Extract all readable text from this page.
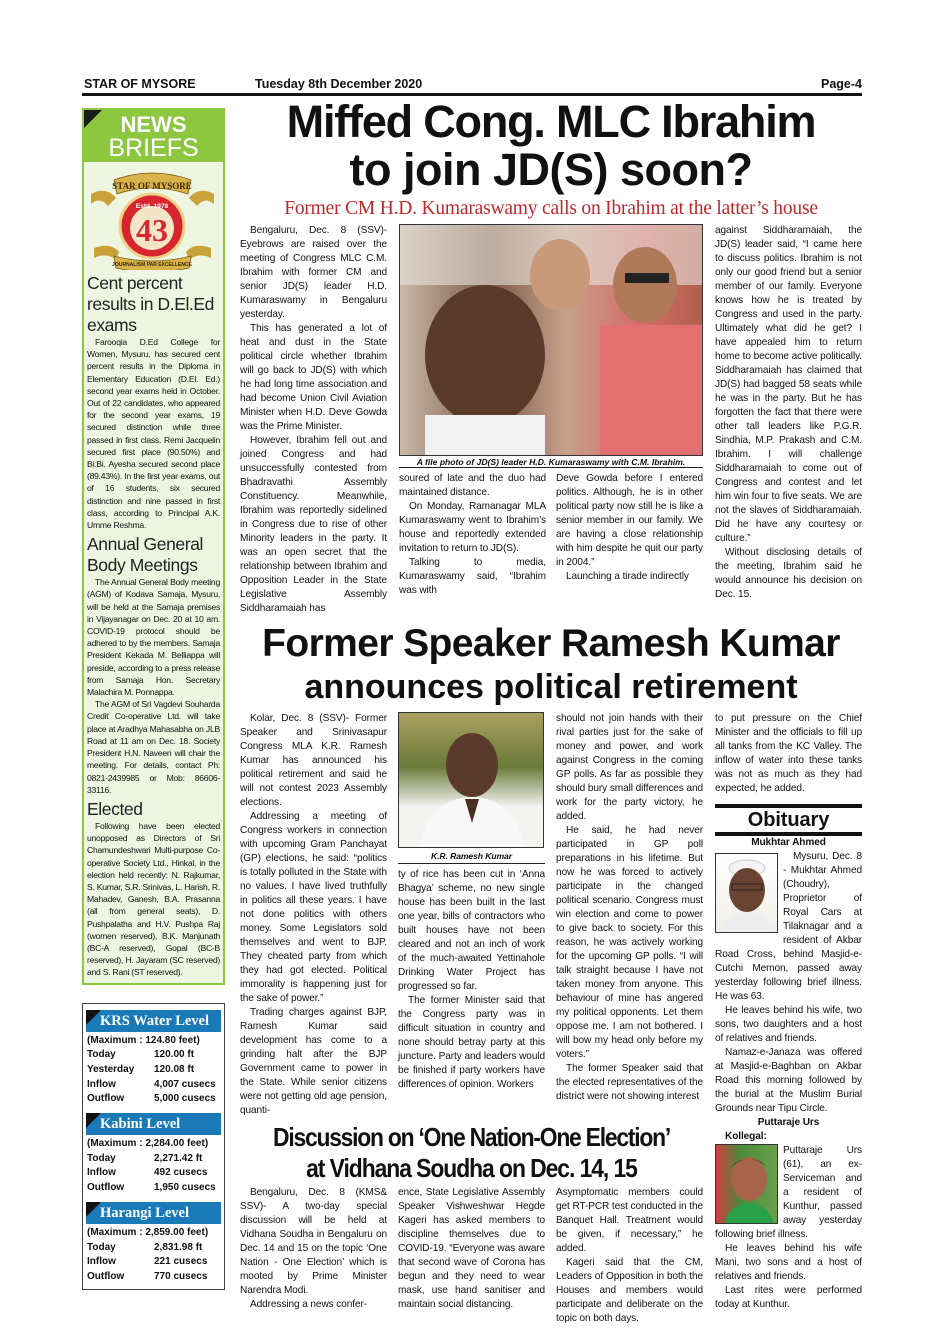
STAR OF MYSORE	Tuesday 8th December 2020	Page-4
NEWS
BRIEFS
Estd. 1978
43
STAR OF MYSORE
JOURNALISM PAR EXCELLENCE
Cent percent results in D.El.Ed exams

Farooqia D.Ed College for Women, Mysuru, has secured cent percent results in the Diploma in Elementary Education (D.El. Ed.) second year exams held in October. Out of 22 candidates, who appeared for the second year exams, 19 secured distinction while three passed in first class. Remi Jacquelin secured first place (90.50%) and Bi.Bi. Ayesha secured second place (89.43%). In the first year exams, out of 16 students, six secured distinction and nine passed in first class, according to Principal A.K. Umme Reshma.

Annual General Body Meetings

The Annual General Body meeting (AGM) of Kodava Samaja, Mysuru, will be held at the Samaja premises in Vijayanagar on Dec. 20 at 10 am. COVID-19 protocol should be adhered to by the members. Samaja President Kekada M. Belliappa will preside, according to a press release from Samaja Hon. Secretary Malachira M. Ponnappa.

The AGM of Sri Vagdevi Souharda Credit Co-operative Ltd. will take place at Aradhya Mahasabha on JLB Road at 11 am on Dec. 18. Society President H.N. Naveen will chair the meeting. For details, contact Ph: 0821-2439985 or Mob: 86606-33116.

Elected

Following have been elected unopposed as Directors of Sri Chamundeshwari Multi-purpose Co-operative Society Ltd., Hinkal, in the election held recently: N. Rajkumar, S. Kumar, S.R. Srinivas, L. Harish, R. Mahadev, Ganesh, B.A. Prasanna (all from general seats), D. Pushpalatha and H.V. Pushpa Raj (women reserved), B.K. Manjunath (BC-A reserved), Gopal (BC-B reserved), H. Jayaram (SC reserved) and S. Rani (ST reserved).

KRS Water Level
(Maximum : 124.80 feet)
Today	120.00 ft
Yesterday	120.08 ft
Inflow	4,007 cusecs
Outflow	5,000 cusecs
Kabini Level
(Maximum : 2,284.00 feet)
Today	2,271.42 ft
Inflow	492 cusecs
Outflow	1,950 cusecs
Harangi Level
(Maximum : 2,859.00 feet)
Today	2,831.98 ft
Inflow	221 cusecs
Outflow	770 cusecs
Miffed Cong. MLC Ibrahim
to join JD(S) soon?
Former CM H.D. Kumaraswamy calls on Ibrahim at the latter’s house

Bengaluru, Dec. 8 (SSV)- Eyebrows are raised over the meeting of Congress MLC C.M. Ibrahim with former CM and senior JD(S) leader H.D. Kumaraswamy in Bengaluru yesterday.

This has generated a lot of heat and dust in the State political circle whether Ibrahim will go back to JD(S) with which he had long time association and had become Union Civil Aviation Minister when H.D. Deve Gowda was the Prime Minister.

However, Ibrahim fell out and joined Congress and had unsuccessfully contested from Bhadravathi Assembly Constituency. Meanwhile, Ibrahim was reportedly sidelined in Congress due to rise of other Minority leaders in the party. It was an open secret that the relationship between Ibrahim and Opposition Leader in the State Legislative Assembly Siddharamaiah has

A file photo of JD(S) leader H.D. Kumaraswamy with C.M. Ibrahim.

soured of late and the duo had maintained distance.

On Monday, Ramanagar MLA Kumaraswamy went to Ibrahim’s house and reportedly extended invitation to return to JD(S).

Talking to media, Kumaraswamy said, “Ibrahim was with

Deve Gowda before I entered politics. Although, he is in other political party now still he is like a senior member in our family. We are having a close relationship with him despite he quit our party in 2004.”

Launching a tirade indirectly

against Siddharamaiah, the JD(S) leader said, “I came here to discuss politics. Ibrahim is not only our good friend but a senior member of our family. Everyone knows how he is treated by Congress and used in the party. Ultimately what did he get? I have appealed him to return home to become active politically. Siddharamaiah has claimed that JD(S) had bagged 58 seats while he was in the party. But he has forgotten the fact that there were other tall leaders like P.G.R. Sindhia, M.P. Prakash and C.M. Ibrahim. I will challenge Siddharamaiah to come out of Congress and contest and let him win four to five seats. We are not the slaves of Siddharamaiah. Did he have any courtesy or culture.”

Without disclosing details of the meeting, Ibrahim said he would announce his decision on Dec. 15.

Former Speaker Ramesh Kumar
announces political retirement

Kolar, Dec. 8 (SSV)- Former Speaker and Srinivasapur Congress MLA K.R. Ramesh Kumar has announced his political retirement and said he will not contest 2023 Assembly elections.

Addressing a meeting of Congress workers in connection with upcoming Gram Panchayat (GP) elections, he said: “politics is totally polluted in the State with no values. I have lived truthfully in politics all these years. I have not done politics with others money. Some Legislators sold themselves and went to BJP. They cheated party from which they had got elected. Political immorality is happening just for the sake of power.”

Trading charges against BJP, Ramesh Kumar said development has come to a grinding halt after the BJP Government came to power in the State. While senior citizens were not getting old age pension, quanti-

K.R. Ramesh Kumar

ty of rice has been cut in ‘Anna Bhagya’ scheme, no new single house has been built in the last one year, bills of contractors who built houses have not been cleared and not an inch of work of the much-awaited Yettinahole Drinking Water Project has progressed so far.

The former Minister said that the Congress party was in difficult situation in country and none should betray party at this juncture. Party and leaders would be finished if party workers have differences of opinion. Workers

should not join hands with their rival parties just for the sake of money and power, and work against Congress in the coming GP polls. As far as possible they should bury small differences and work for the party victory, he added.

He said, he had never participated in GP poll preparations in his lifetime. But now he was forced to actively participate in the changed political scenario. Congress must win election and come to power to give back to society. For this reason, he was actively working for the upcoming GP polls. “I will talk straight because I have not taken money from anyone. This behaviour of mine has angered my political opponents. Let them oppose me. I am not bothered. I will bow my head only before my voters.”

The former Speaker said that the elected representatives of the district were not showing interest

Discussion on ‘One Nation-One Election’
at Vidhana Soudha on Dec. 14, 15

Bengaluru, Dec. 8 (KMS& SSV)- A two-day special discussion will be held at Vidhana Soudha in Bengaluru on Dec. 14 and 15 on the topic ‘One Nation - One Election’ which is mooted by Prime Minister Narendra Modi.

Addressing a news confer-

ence, State Legislative Assembly Speaker Vishweshwar Hegde Kageri has asked members to discipline themselves due to COVID-19. “Everyone was aware that second wave of Corona has begun and they need to wear mask, use hand sanitiser and maintain social distancing.

Asymptomatic members could get RT-PCR test conducted in the Banquet Hall. Treatment would be given, if necessary,” he added.

Kageri said that the CM, Leaders of Opposition in both the Houses and members would participate and deliberate on the topic on both days.

to put pressure on the Chief Minister and the officials to fill up all tanks from the KC Valley. The inflow of water into these tanks was not as much as they had expected, he added.

Obituary
Mukhtar Ahmed

Mysuru, Dec. 8 - Mukhtar Ahmed (Choudry), Proprietor of Royal Cars at Tilaknagar and a resident of Akbar Road Cross, behind Masjid-e-Cutchi Memon, passed away yesterday following brief illness. He was 63.

He leaves behind his wife, two sons, two daughters and a host of relatives and friends.

Namaz-e-Janaza was offered at Masjid-e-Baghban on Akbar Road this morning followed by the burial at the Muslim Burial Grounds near Tipu Circle.

Puttaraje Urs

Kollegal:

Puttaraje Urs (61), an ex-Serviceman and a resident of Kunthur, passed away yesterday following brief illness.

He leaves behind his wife Mani, two sons and a host of relatives and friends.

Last rites were performed today at Kunthur.
